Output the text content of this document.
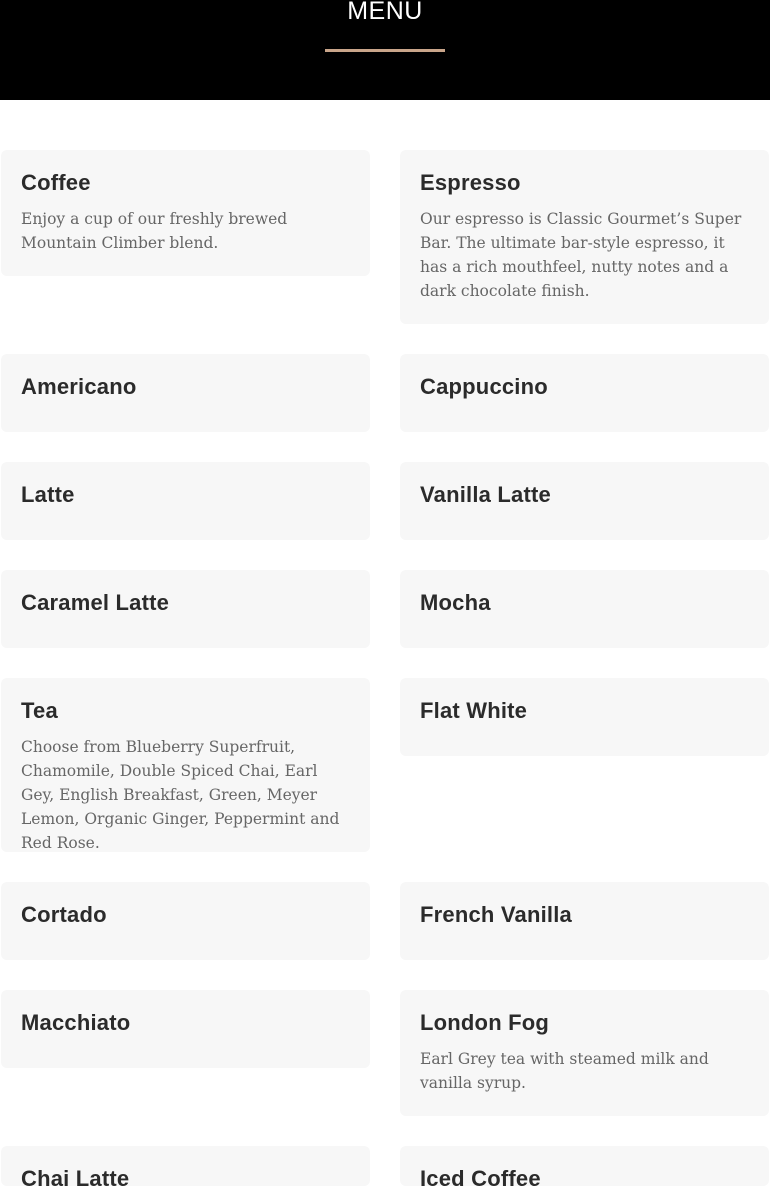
MENU
Coffee

Enjoy a cup of our freshly brewed Mountain Climber blend.

Espresso

Our espresso is Classic Gourmet’s Super Bar. The ultimate bar-style espresso, it has a rich mouthfeel, nutty notes and a dark chocolate finish.

Americano	Cappuccino
Latte	Vanilla Latte
Caramel Latte	Mocha
Tea

Choose from Blueberry Superfruit, Chamomile, Double Spiced Chai, Earl Gey, English Breakfast, Green, Meyer Lemon, Organic Ginger, Peppermint and Red Rose.

Flat White
Cortado	French Vanilla
Macchiato	London Fog

Earl Grey tea with steamed milk and vanilla syrup.

Chai Latte	Iced Coffee
